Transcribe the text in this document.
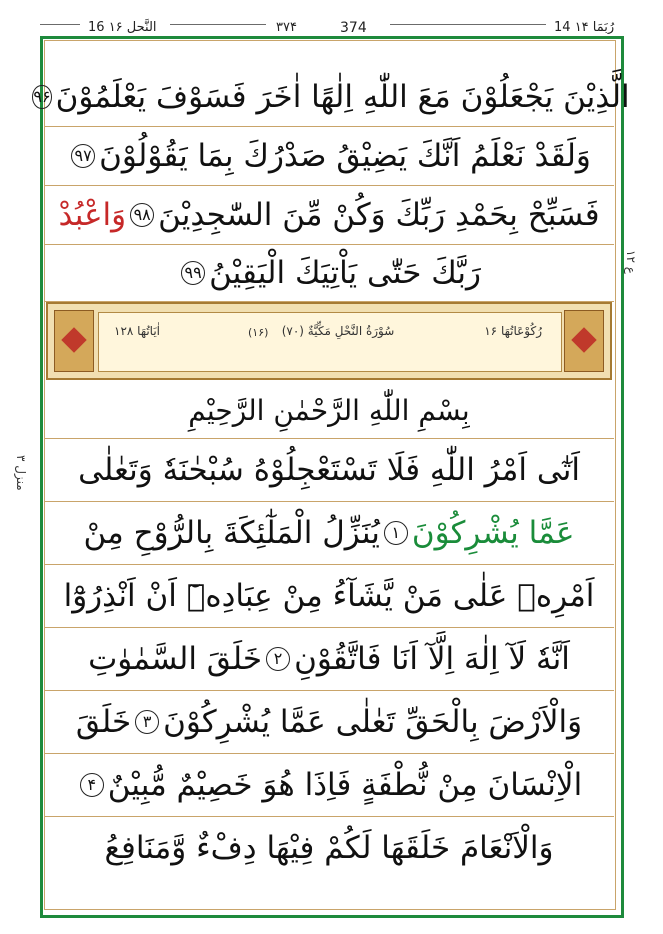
16 النَّحل ۱۶	۳۷۴	374	14 رُبَمَا ۱۴
الَّذِيْنَ يَجْعَلُوْنَ مَعَ اللّٰهِ اِلٰهًا اٰخَرَ فَسَوْفَ يَعْلَمُوْنَ
۹۶
وَلَقَدْ نَعْلَمُ اَنَّكَ يَضِيْقُ صَدْرُكَ بِمَا يَقُوْلُوْنَ
۹۷
فَسَبِّحْ بِحَمْدِ رَبِّكَ وَكُنْ مِّنَ السّٰجِدِيْنَ
۹۸
وَاعْبُدْ
رَبَّكَ حَتّٰى يَاْتِيَكَ الْيَقِيْنُ
۹۹
اٰيَاتُهَا ۱۲۸	سُوْرَةُ النَّحْلِ مَكِّيَّةٌ (۷۰)
(۱۶)	رُكُوْعَاتُهَا ۱۶
بِسْمِ اللّٰهِ الرَّحْمٰنِ الرَّحِيْمِ
اَتٰٓى اَمْرُ اللّٰهِ فَلَا تَسْتَعْجِلُوْهُ سُبْحٰنَهٗ وَتَعٰلٰى
عَمَّا يُشْرِكُوْنَ
۱
يُنَزِّلُ الْمَلٰٓئِكَةَ بِالرُّوْحِ مِنْ
اَمْرِهٖ عَلٰى مَنْ يَّشَآءُ مِنْ عِبَادِهٖٓ اَنْ اَنْذِرُوْٓا
اَنَّهٗ لَآ اِلٰهَ اِلَّآ اَنَا فَاتَّقُوْنِ
۲
خَلَقَ السَّمٰوٰتِ
وَالْاَرْضَ بِالْحَقِّ تَعٰلٰى عَمَّا يُشْرِكُوْنَ
۳
خَلَقَ
الْاِنْسَانَ مِنْ نُّطْفَةٍ فَاِذَا هُوَ خَصِيْمٌ مُّبِيْنٌ
۴
وَالْاَنْعَامَ خَلَقَهَا لَكُمْ فِيْهَا دِفْءٌ وَّمَنَافِعُ
ع ۱۲
منزل ۳
